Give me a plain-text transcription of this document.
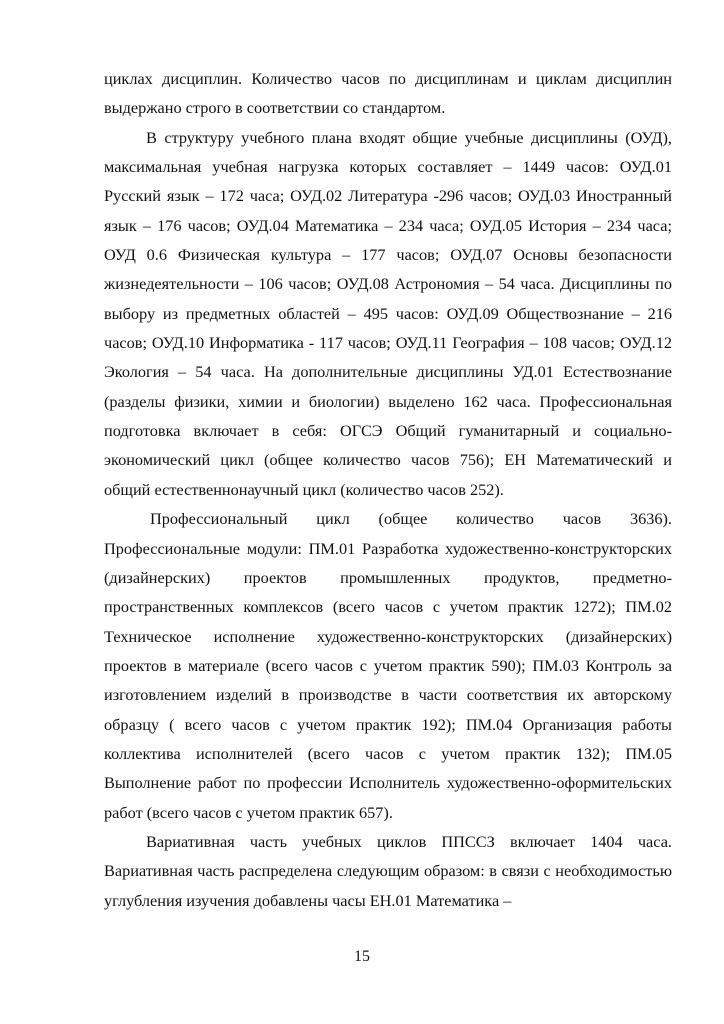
циклах дисциплин. Количество часов по дисциплинам и циклам дисциплин выдержано строго в соответствии со стандартом.

В структуру учебного плана входят общие учебные дисциплины (ОУД), максимальная учебная нагрузка которых составляет – 1449 часов: ОУД.01 Русский язык – 172 часа; ОУД.02 Литература -296 часов; ОУД.03 Иностранный язык – 176 часов; ОУД.04 Математика – 234 часа; ОУД.05 История – 234 часа; ОУД 0.6 Физическая культура – 177 часов; ОУД.07 Основы безопасности жизнедеятельности – 106 часов; ОУД.08 Астрономия – 54 часа. Дисциплины по выбору из предметных областей – 495 часов: ОУД.09 Обществознание – 216 часов; ОУД.10 Информатика - 117 часов; ОУД.11 География – 108 часов; ОУД.12 Экология – 54 часа. На дополнительные дисциплины УД.01 Естествознание (разделы физики, химии и биологии) выделено 162 часа. Профессиональная подготовка включает в себя: ОГСЭ Общий гуманитарный и социально-экономический цикл (общее количество часов 756); ЕН Математический и общий естественнонаучный цикл (количество часов 252).

Профессиональный цикл (общее количество часов 3636). Профессиональные модули: ПМ.01 Разработка художественно-конструкторских (дизайнерских) проектов промышленных продуктов, предметно-пространственных комплексов (всего часов с учетом практик 1272); ПМ.02 Техническое исполнение художественно-конструкторских (дизайнерских) проектов в материале (всего часов с учетом практик 590); ПМ.03 Контроль за изготовлением изделий в производстве в части соответствия их авторскому образцу ( всего часов с учетом практик 192); ПМ.04 Организация работы коллектива исполнителей (всего часов с учетом практик 132); ПМ.05 Выполнение работ по профессии Исполнитель художественно-оформительских работ (всего часов с учетом практик 657).

Вариативная часть учебных циклов ППССЗ включает 1404 часа. Вариативная часть распределена следующим образом: в связи с необходимостью углубления изучения добавлены часы ЕН.01 Математика –

15
